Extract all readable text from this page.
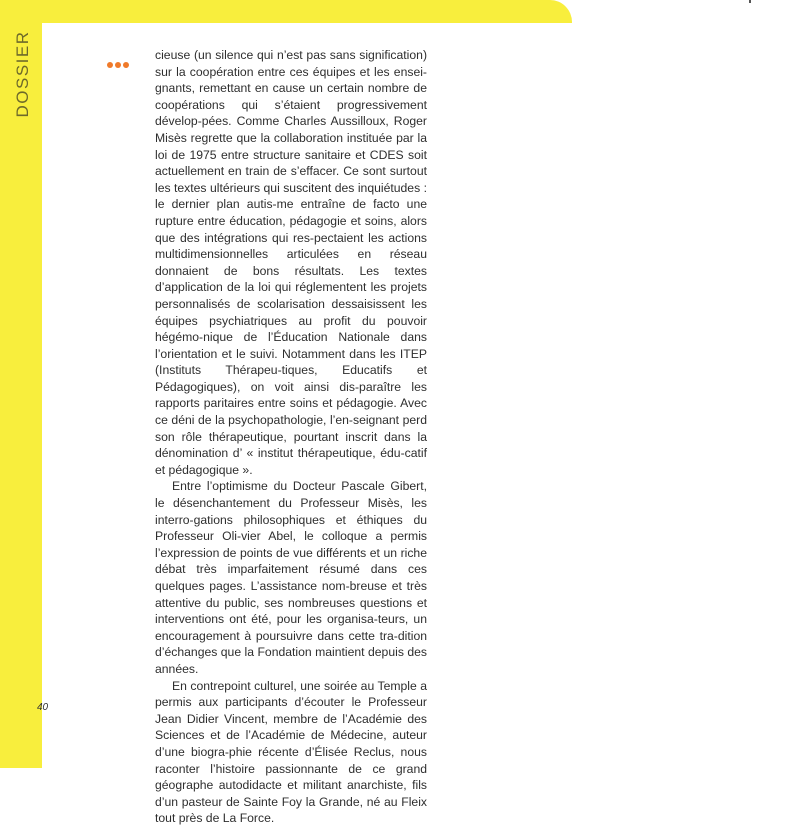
DOSSIER	cieuse (un silence qui n’est pas sans signification) sur la coopération entre ces équipes et les ensei-gnants, remettant en cause un certain nombre de coopérations qui s’étaient progressivement dévelop-pées. Comme Charles Aussilloux, Roger Misès regrette que la collaboration instituée par la loi de 1975 entre structure sanitaire et CDES soit actuellement en train de s’effacer. Ce sont surtout les textes ultérieurs qui suscitent des inquiétudes : le dernier plan autis-me entraîne de facto une rupture entre éducation, pédagogie et soins, alors que des intégrations qui res-pectaient les actions multidimensionnelles articulées en réseau donnaient de bons résultats. Les textes d’application de la loi qui réglementent les projets personnalisés de scolarisation dessaisissent les équipes psychiatriques au profit du pouvoir hégémo-nique de l’Éducation Nationale dans l’orientation et le suivi. Notamment dans les ITEP (Instituts Thérapeu-tiques, Educatifs et Pédagogiques), on voit ainsi dis-paraître les rapports paritaires entre soins et pédagogie. Avec ce déni de la psychopathologie, l’en-seignant perd son rôle thérapeutique, pourtant inscrit dans la dénomination d’ « institut thérapeutique, édu-catif et pédagogique ».

Entre l’optimisme du Docteur Pascale Gibert, le désenchantement du Professeur Misès, les interro-gations philosophiques et éthiques du Professeur Oli-vier Abel, le colloque a permis l’expression de points de vue différents et un riche débat très imparfaitement résumé dans ces quelques pages. L’assistance nom-breuse et très attentive du public, ses nombreuses questions et interventions ont été, pour les organisa-teurs, un encouragement à poursuivre dans cette tra-dition d’échanges que la Fondation maintient depuis des années.

En contrepoint culturel, une soirée au Temple a permis aux participants d’écouter le Professeur Jean Didier Vincent, membre de l’Académie des Sciences et de l’Académie de Médecine, auteur d’une biogra-phie récente d’Élisée Reclus, nous raconter l’histoire passionnante de ce grand géographe autodidacte et militant anarchiste, fils d’un pasteur de Sainte Foy la Grande, né au Fleix tout près de La Force.

40
